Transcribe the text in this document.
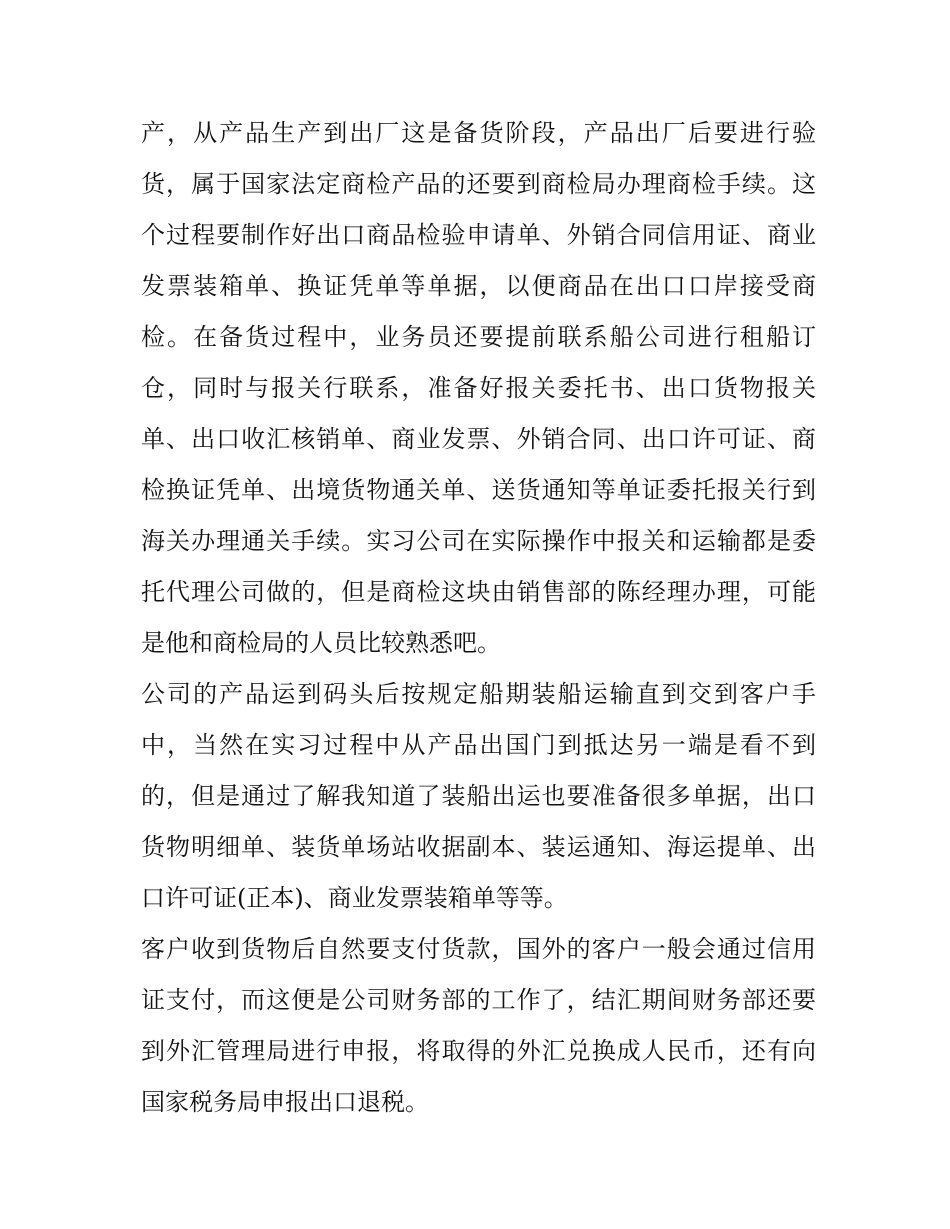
产，从产品生产到出厂这是备货阶段，产品出厂后要进行验
货，属于国家法定商检产品的还要到商检局办理商检手续。这
个过程要制作好出口商品检验申请单、外销合同信用证、商业
发票装箱单、换证凭单等单据，以便商品在出口口岸接受商
检。在备货过程中，业务员还要提前联系船公司进行租船订
仓，同时与报关行联系，准备好报关委托书、出口货物报关
单、出口收汇核销单、商业发票、外销合同、出口许可证、商
检换证凭单、出境货物通关单、送货通知等单证委托报关行到
海关办理通关手续。实习公司在实际操作中报关和运输都是委
托代理公司做的，但是商检这块由销售部的陈经理办理，可能
是他和商检局的人员比较熟悉吧。
公司的产品运到码头后按规定船期装船运输直到交到客户手
中，当然在实习过程中从产品出国门到抵达另一端是看不到
的，但是通过了解我知道了装船出运也要准备很多单据，出口
货物明细单、装货单场站收据副本、装运通知、海运提单、出
口许可证(正本)、商业发票装箱单等等。
客户收到货物后自然要支付货款，国外的客户一般会通过信用
证支付，而这便是公司财务部的工作了，结汇期间财务部还要
到外汇管理局进行申报，将取得的外汇兑换成人民币，还有向
国家税务局申报出口退税。
